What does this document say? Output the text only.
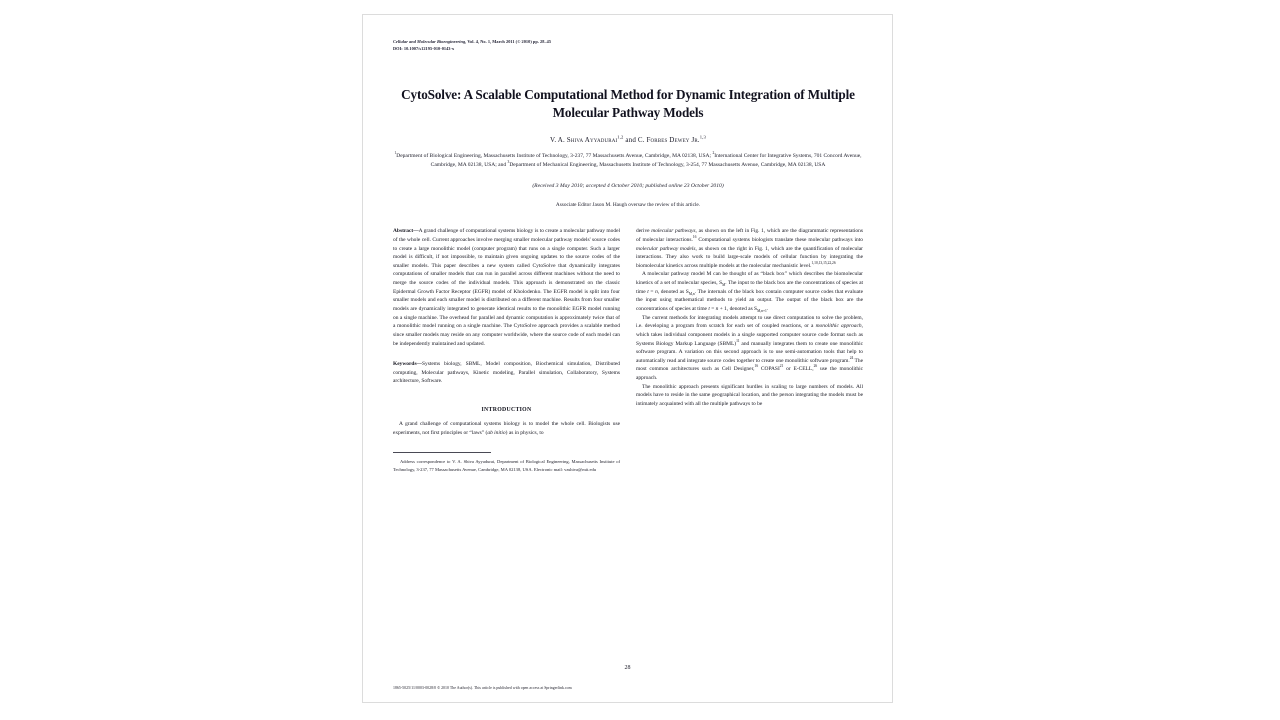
Cellular and Molecular Bioengineering, Vol. 4, No. 1, March 2011 (© 2010) pp. 28–45
DOI: 10.1007/s12195-010-0143-x
CytoSolve: A Scalable Computational Method for Dynamic Integration of Multiple Molecular Pathway Models
V. A. Shiva Ayyadurai$^{1,2}$ and C. Forbes Dewey Jr.$^{1,3}$
$^1$Department of Biological Engineering, Massachusetts Institute of Technology, 3-237, 77 Massachusetts Avenue, Cambridge, MA 02138, USA; $^2$International Center for Integrative Systems, 701 Concord Avenue, Cambridge, MA 02138, USA; and $^3$Department of Mechanical Engineering, Massachusetts Institute of Technology, 3-254, 77 Massachusetts Avenue, Cambridge, MA 02138, USA
(Received 3 May 2010; accepted 4 October 2010; published online 23 October 2010)
Associate Editor Jason M. Haugh oversaw the review of this article.

Abstract—A grand challenge of computational systems biology is to create a molecular pathway model of the whole cell. Current approaches involve merging smaller molecular pathway models' source codes to create a large monolithic model (computer program) that runs on a single computer. Such a larger model is difficult, if not impossible, to maintain given ongoing updates to the source codes of the smaller models. This paper describes a new system called CytoSolve that dynamically integrates computations of smaller models that can run in parallel across different machines without the need to merge the source codes of the individual models. This approach is demonstrated on the classic Epidermal Growth Factor Receptor (EGFR) model of Kholodenko. The EGFR model is split into four smaller models and each smaller model is distributed on a different machine. Results from four smaller models are dynamically integrated to generate identical results to the monolithic EGFR model running on a single machine. The overhead for parallel and dynamic computation is approximately twice that of a monolithic model running on a single machine. The CytoSolve approach provides a scalable method since smaller models may reside on any computer worldwide, where the source code of each model can be independently maintained and updated.

Keywords—Systems biology, SBML, Model composition, Biochemical simulation, Distributed computing, Molecular pathways, Kinetic modeling, Parallel simulation, Collaboratory, Systems architecture, Software.

INTRODUCTION

A grand challenge of computational systems biology is to model the whole cell. Biologists use experiments, not first principles or “laws” (ab initio) as in physics, to

Address correspondence to V. A. Shiva Ayyadurai, Department of Biological Engineering, Massachusetts Institute of Technology, 3-237, 77 Massachusetts Avenue, Cambridge, MA 02138, USA. Electronic mail: vashiva@mit.edu

derive molecular pathways, as shown on the left in Fig. 1, which are the diagrammatic representations of molecular interactions.$^{16}$ Computational systems biologists translate these molecular pathways into molecular pathway models, as shown on the right in Fig. 1, which are the quantification of molecular interactions. They also work to build large-scale models of cellular function by integrating the biomolecular kinetics across multiple models at the molecular mechanistic level.$^{1,10,13,15,22,26}$

A molecular pathway model M can be thought of as “black box” which describes the biomolecular kinetics of a set of molecular species, $S_M$. The input to the black box are the concentrations of species at time t = n, denoted as $S_{M,n}$. The internals of the black box contain computer source codes that evaluate the input using mathematical methods to yield an output. The output of the black box are the concentrations of species at time t = n + 1, denoted as $S_{M,n+1}$.

The current methods for integrating models attempt to use direct computation to solve the problem, i.e. developing a program from scratch for each set of coupled reactions, or a monolithic approach, which takes individual component models in a single supported computer source code format such as Systems Biology Markup Language (SBML)$^{11}$ and manually integrates them to create one monolithic software program. A variation on this second approach is to use semi-automation tools that help to automatically read and integrate source codes together to create one monolithic software program.$^{24}$ The most common architectures such as Cell Designer,$^{16}$ COPASI$^{21}$ or E-CELL,$^{26}$ use the monolithic approach.

The monolithic approach presents significant hurdles in scaling to large numbers of models. All models have to reside in the same geographical location, and the person integrating the models must be intimately acquainted with all the multiple pathways to be

28
1865-5025/11/0003-0028/0 © 2010 The Author(s). This article is published with open access at Springerlink.com
